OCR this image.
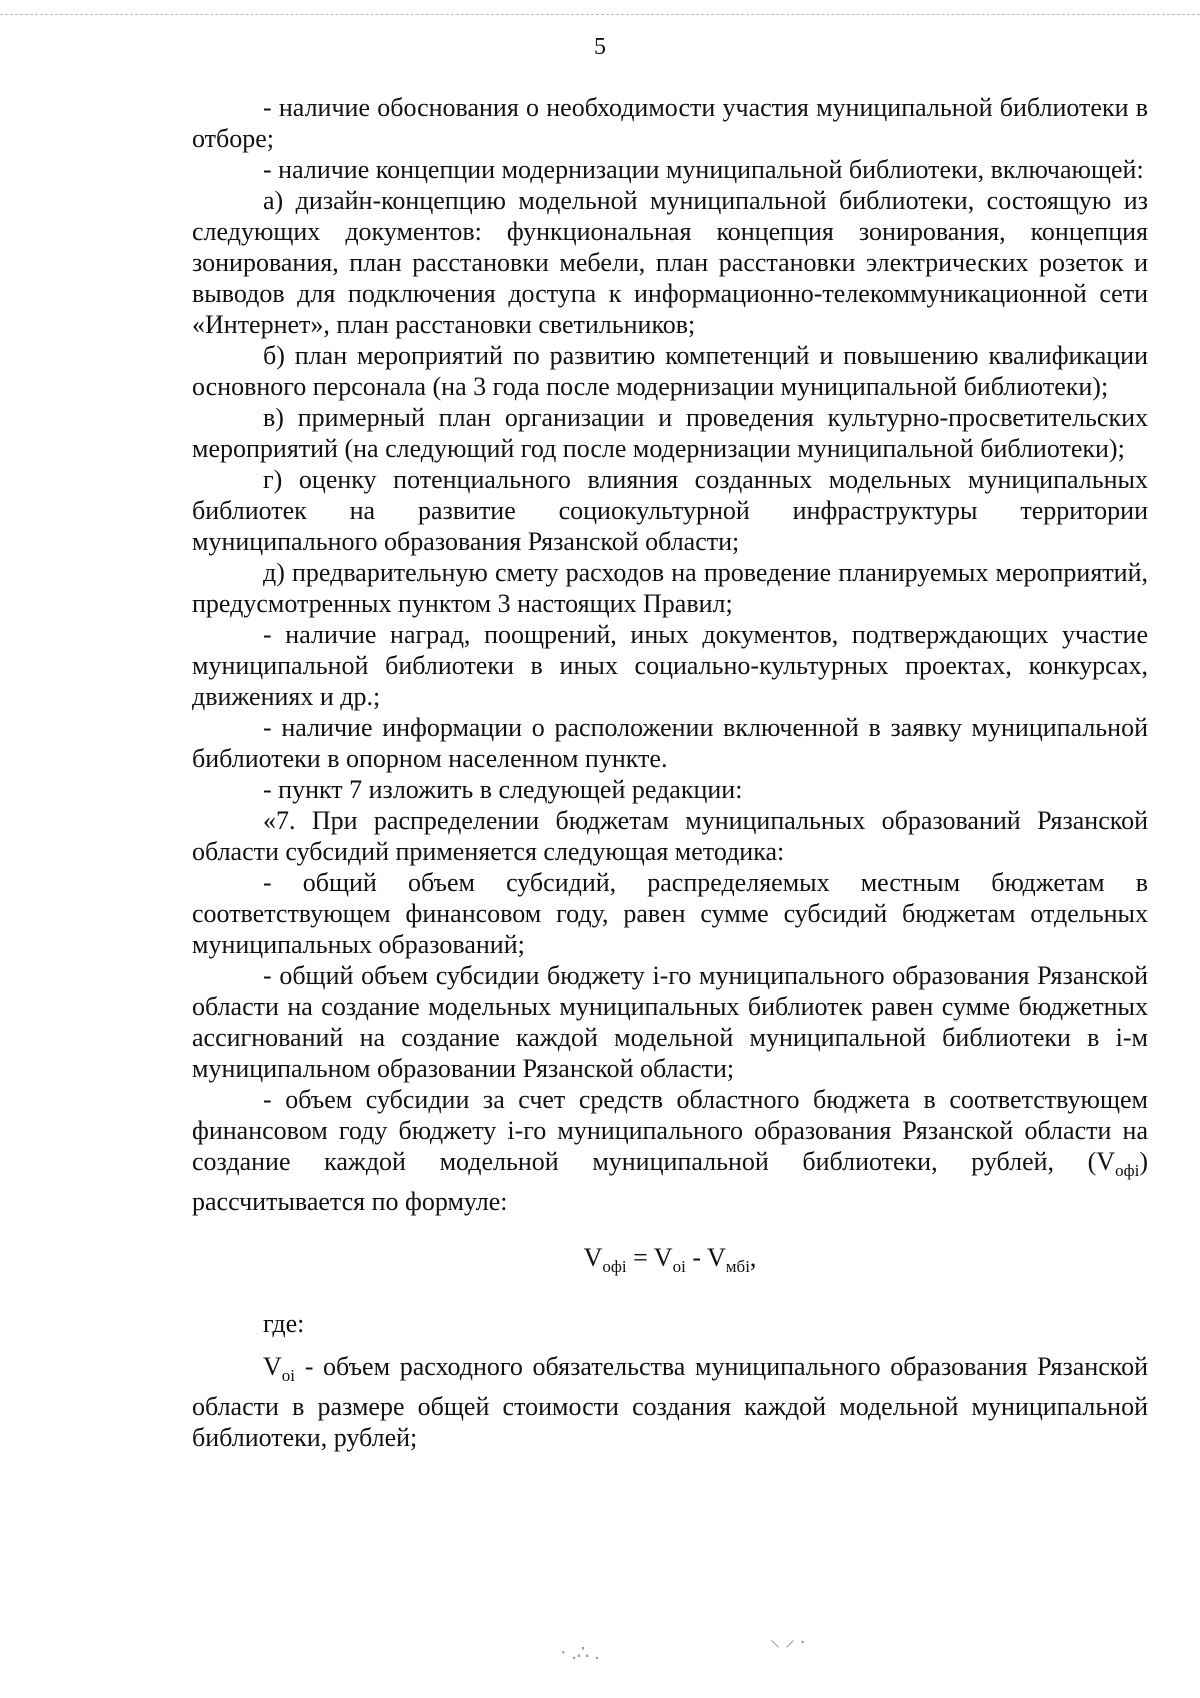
5

- наличие обоснования о необходимости участия муниципальной библиотеки в отборе;

- наличие концепции модернизации муниципальной библиотеки, включающей:

а) дизайн-концепцию модельной муниципальной библиотеки, состоящую из следующих документов: функциональная концепция зонирования, концепция зонирования, план расстановки мебели, план расстановки электрических розеток и выводов для подключения доступа к информационно-телекоммуникационной сети «Интернет», план расстановки светильников;

б) план мероприятий по развитию компетенций и повышению квалификации основного персонала (на 3 года после модернизации муниципальной библиотеки);

в) примерный план организации и проведения культурно-просветительских мероприятий (на следующий год после модернизации муниципальной библиотеки);

г) оценку потенциального влияния созданных модельных муниципальных библиотек на развитие социокультурной инфраструктуры территории муниципального образования Рязанской области;

д) предварительную смету расходов на проведение планируемых мероприятий, предусмотренных пунктом 3 настоящих Правил;

- наличие наград, поощрений, иных документов, подтверждающих участие муниципальной библиотеки в иных социально-культурных проектах, конкурсах, движениях и др.;

- наличие информации о расположении включенной в заявку муниципальной библиотеки в опорном населенном пункте.

- пункт 7 изложить в следующей редакции:

«7. При распределении бюджетам муниципальных образований Рязанской области субсидий применяется следующая методика:

- общий объем субсидий, распределяемых местным бюджетам в соответствующем финансовом году, равен сумме субсидий бюджетам отдельных муниципальных образований;

- общий объем субсидии бюджету i-го муниципального образования Рязанской области на создание модельных муниципальных библиотек равен сумме бюджетных ассигнований на создание каждой модельной муниципальной библиотеки в i-м муниципальном образовании Рязанской области;

- объем субсидии за счет средств областного бюджета в соответствующем финансовом году бюджету i-го муниципального образования Рязанской области на создание каждой модельной муниципальной библиотеки, рублей, $(V_{офi})$ рассчитывается по формуле:

$V_{офi} = V_{оi} - V_{мбi}$,

где:

$V_{оi}$ - объем расходного обязательства муниципального образования Рязанской области в размере общей стоимости создания каждой модельной муниципальной библиотеки, рублей;

· .∴ .
⸜ ⸝ ⸳
